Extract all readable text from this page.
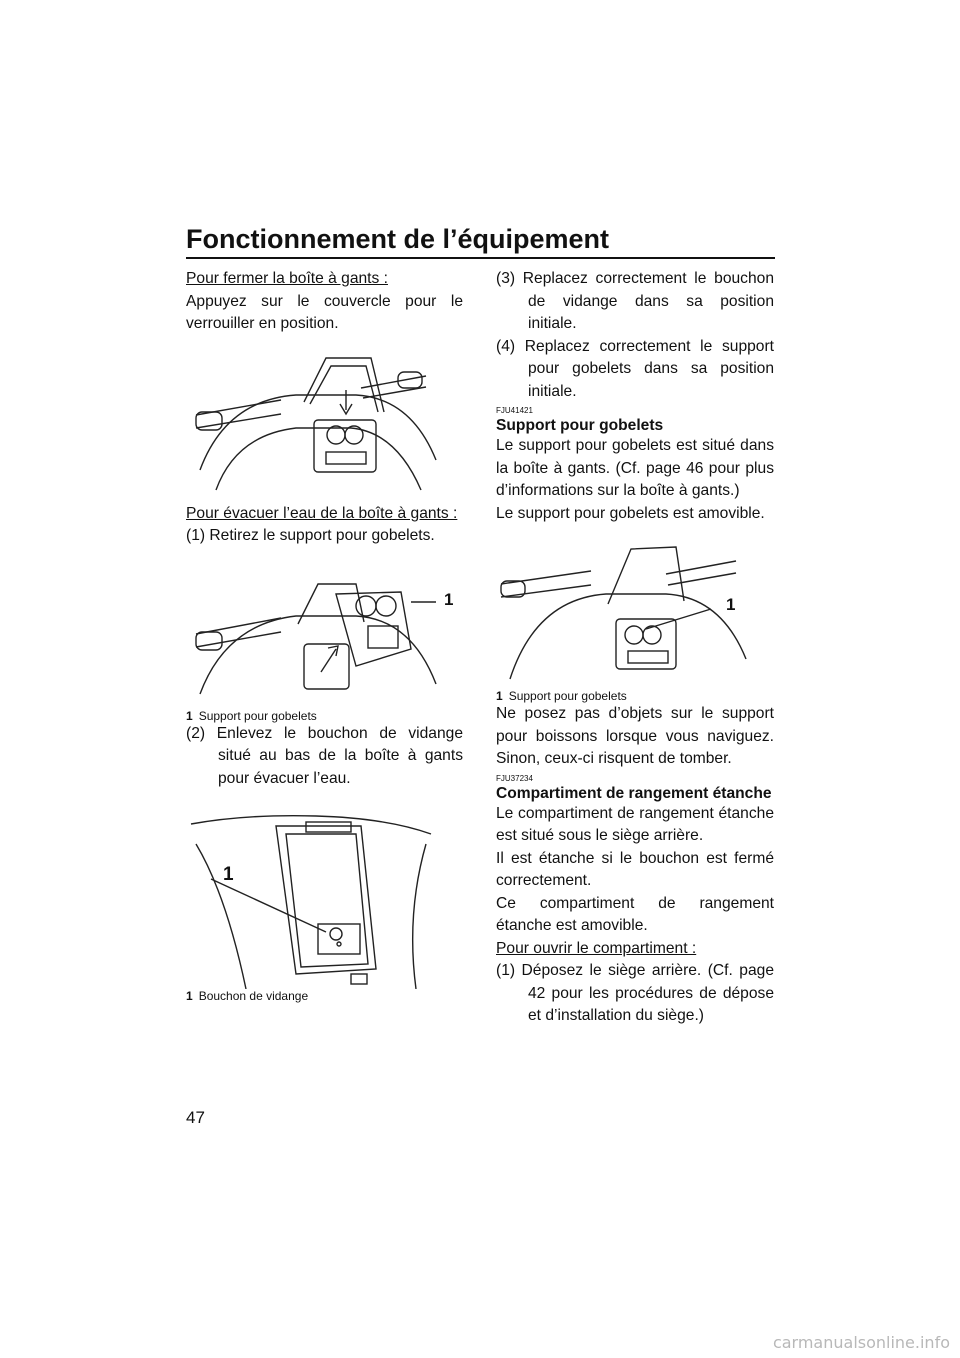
Fonctionnement de l’équipement

Pour fermer la boîte à gants :

Appuyez sur le couvercle pour le verrouiller en position.

Pour évacuer l’eau de la boîte à gants :

(1) Retirez le support pour gobelets.

1

1 Support pour gobelets

(2) Enlevez le bouchon de vidange situé au bas de la boîte à gants pour évacuer l’eau.

1

1 Bouchon de vidange

(3) Replacez correctement le bouchon de vidange dans sa position initiale.

(4) Replacez correctement le support pour gobelets dans sa position initiale.

FJU41421

Support pour gobelets

Le support pour gobelets est situé dans la boîte à gants. (Cf. page 46 pour plus d’informations sur la boîte à gants.)

Le support pour gobelets est amovible.

1

1 Support pour gobelets

Ne posez pas d’objets sur le support pour boissons lorsque vous naviguez. Sinon, ceux-ci risquent de tomber.

FJU37234

Compartiment de rangement étanche

Le compartiment de rangement étanche est situé sous le siège arrière.

Il est étanche si le bouchon est fermé correctement.

Ce compartiment de rangement étanche est amovible.

Pour ouvrir le compartiment :

(1) Déposez le siège arrière. (Cf. page 42 pour les procédures de dépose et d’installation du siège.)

47
carmanualsonline.info
